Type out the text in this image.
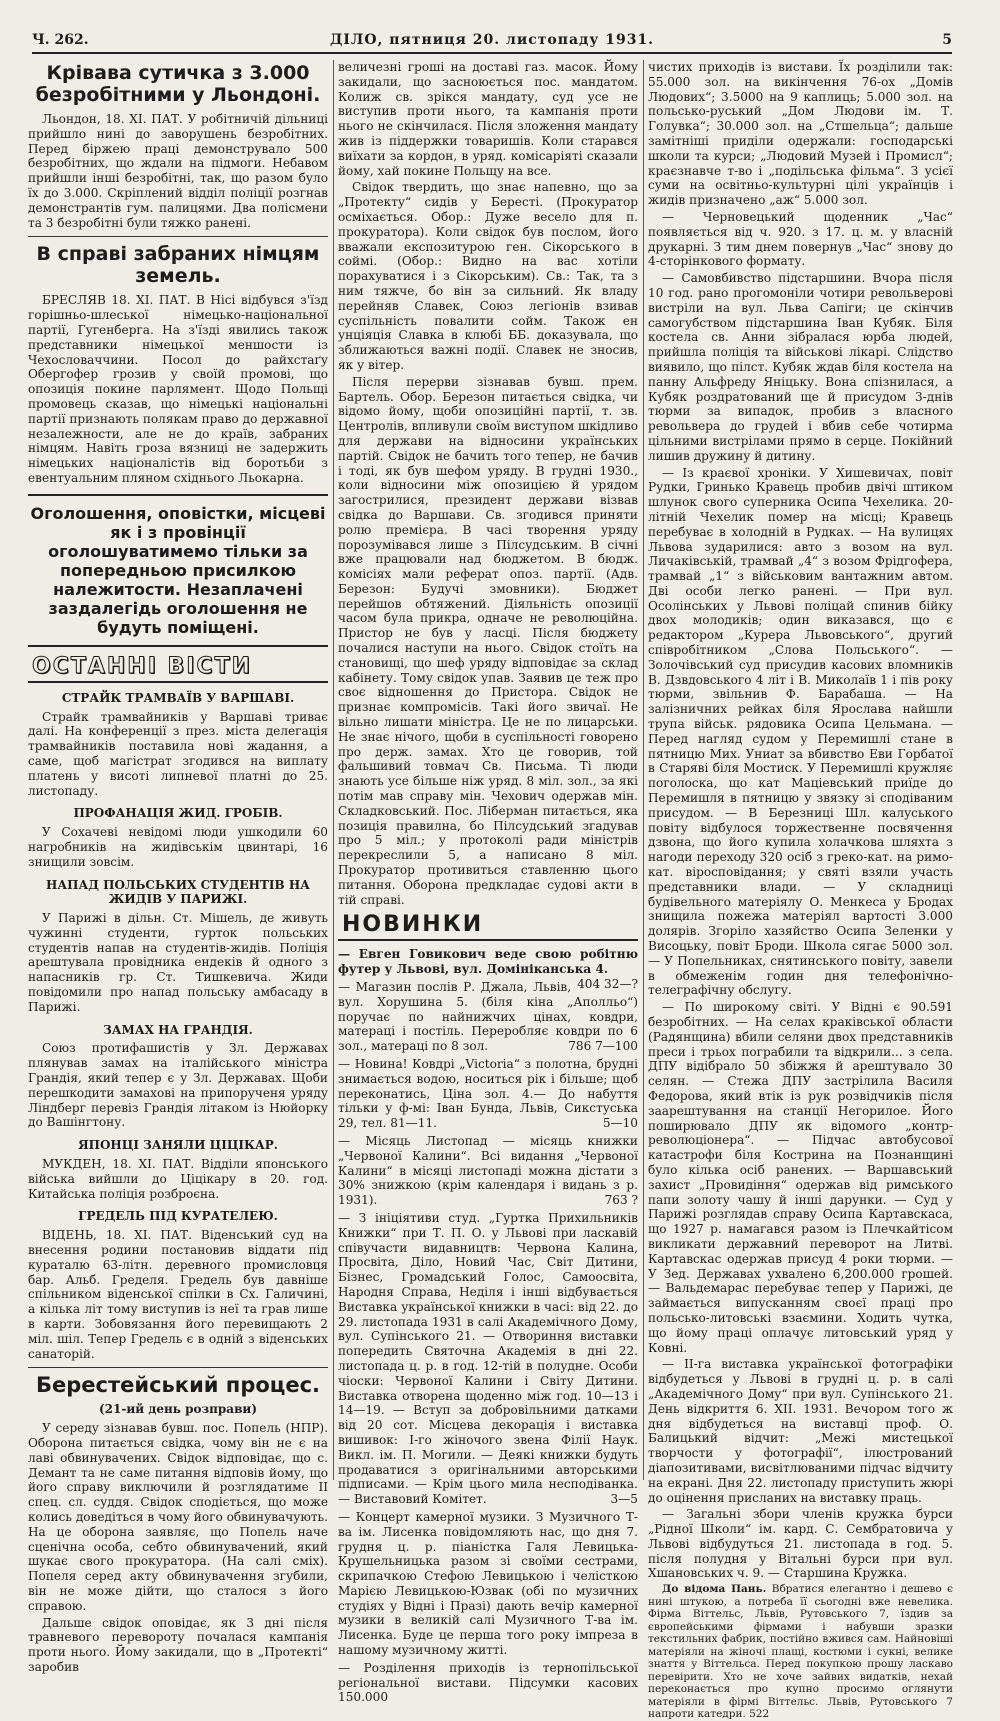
Ч. 262.	ДІЛО, пятниця 20. листопаду 1931.	5
Крівава сутичка з 3.000 безробітними у Льондоні.

Льондон, 18. XI. ПАТ. У робітничій дільниці прийшло нині до заворушень безробітних. Перед біржею праці демонструвало 500 безробітних, що ждали на підмоги. Небавом прийшли інші безробітні, так, що разом було їх до 3.000. Скріплений відділ поліції розгнав демонстрантів гум. палицями. Два полісмени та 3 безробітні були тяжко ранені.

В справі забраних німцям земель.

БРЕСЛЯВ 18. XI. ПАТ. В Нісі відбувся з'їзд горішньо-шлеської німецько-національної партії, Гугенберга. На з'їзді явились також представники німецької меншости із Чехословаччини. Посол до райхстаґу Обергофер грозив у своїй промові, що опозиція покине парлямент. Щодо Польщі промовець сказав, що німецькі національні партії признають полякам право до державної незалежности, але не до країв, забраних німцям. Навіть гроза вязниці не задержить німецьких націоналістів від боротьби з евентуальним пляном східнього Льокарна.

Оголошення, оповістки, місцеві як і з провінції оголошуватимемо тільки за попередньою присилкою належитости. Незаплачені заздалегідь оголошення не будуть поміщені.
ОСТАННІ ВІСТИ
СТРАЙК ТРАМВАЇВ У ВАРШАВІ.

Страйк трамвайників у Варшаві триває далі. На конференції з през. міста делегація трамвайників поставила нові жадання, а саме, щоб магістрат згодився на виплату платень у висоті липневої платні до 25. листопаду.

ПРОФАНАЦІЯ ЖИД. ГРОБІВ.

У Сохачеві невідомі люди ушкодили 60 нагробників на жидівськім цвинтарі, 16 знищили зовсім.

НАПАД ПОЛЬСЬКИХ СТУДЕНТІВ НА ЖИДІВ У ПАРИЖІ.

У Парижі в дільн. Ст. Мішель, де живуть чужинні студенти, гурток польських студентів напав на студентів-жидів. Поліція арештувала провідника ендеків й одного з напасників гр. Ст. Тишкевича. Жиди повідомили про напад польську амбасаду в Парижі.

ЗАМАХ НА ГРАНДІЯ.

Союз протифашистів у Зл. Державах плянував замах на італійського міністра Грандія, який тепер є у Зл. Державах. Щоби перешкодити замахові на припорученя уряду Ліндберг перевіз Грандія літаком із Нюйорку до Вашінгтону.

ЯПОНЦІ ЗАНЯЛИ ЦІЦІКАР.

МУКДЕН, 18. XI. ПАТ. Відділи японського війська вийшли до Ціцікару в 20. год. Китайська поліція розброєна.

ГРЕДЕЛЬ ПІД КУРАТЕЛЕЮ.

ВІДЕНЬ, 18. XI. ПАТ. Віденський суд на внесення родини постановив віддати під кураталю 63-літн. деревного промисловця бар. Альб. Гределя. Гредель був давніше спільником віденської спілки в Сх. Галичині, а кілька літ тому виступив із неї та грав лише в карти. Зобовязання його перевищають 2 міл. шіл. Тепер Гредель є в одній з віденських санаторій.

Берестейський процес.
(21-ий день розправи)

У середу зізнавав бувш. пос. Попель (НПР). Оборона питається свідка, чому він не є на лаві обвинувачених. Свідок відповідає, що с. Демант та не саме питання відповів йому, що його справу виключили й розглядатиме II спец. сл. суддя. Свідок сподіється, що може колись доведіться в чому його обвинувачують. На це оборона заявляє, що Попель наче сценічна особа, себто обвинувачений, який шукає свого прокуратора. (На салі сміх). Попеля серед акту обвинувачення згубили, він не може дійти, що сталося з його справою.

Дальше свідок оповідає, як 3 дні після травневого перевороту почалася кампанія проти нього. Йому закидали, що в „Протекті“ заробив

величезні гроші на доставі газ. масок. Йому закидали, що засноюється пос. мандатом. Колиж св. зрікся мандату, суд усе не виступив проти нього, та кампанія проти нього не скінчилася. Після зложення мандату жив із піддержки товаришів. Коли старався виїхати за кордон, в уряд. комісаріяті сказали йому, хай покине Польщу на все.

Свідок твердить, що знає напевно, що за „Протекту“ сидів у Бересті. (Прокуратор осміхається. Обор.: Дуже весело для п. прокуратора). Коли свідок був послом, його вважали експозитурою ген. Сікорського в соймі. (Обор.: Видно на вас хотіли порахуватися і з Сікорським). Св.: Так, та з ним тяжче, бо він за сильний. Як владу перейняв Славек, Союз легіонів взивав суспільність повалити сойм. Також ен унціяція Славка в клюбі ББ. доказувала, що зближаються важні події. Славек не зносив, як у вітер.

Після перерви зізнавав бувш. прем. Бартель. Обор. Березон питається свідка, чи відомо йому, щоби опозиційні партії, т. зв. Центролів, впливули своїм виступом шкідливо для держави на відносини українських партій. Свідок не бачить того тепер, не бачив і тоді, як був шефом уряду. В грудні 1930., коли відносини між опозицією й урядом загострилися, президент держави візвав свідка до Варшави. Св. згодився приняти ролю премієра. В часі творення уряду порозумівався лише з Пілсудським. В січні вже працювали над бюджетом. В бюдж. комісіях мали реферат опоз. партії. (Адв. Березон: Будучі змовники). Бюджет перейшов обтяжений. Діяльність опозиції часом була прикра, одначе не революційна. Пристор не був у ласці. Після бюджету почалися наступи на нього. Свідок стоїть на становищі, що шеф уряду відповідає за склад кабінету. Тому свідок упав. Заявив це теж про своє відношення до Пристора. Свідок не признає компромісів. Такі його звичаї. Не вільно лишати міністра. Це не по лицарськи. Не знає нічого, щоби в суспільності говорено про держ. замах. Хто це говорив, той фальшивий товмач Св. Письма. Ті люди знають усе більше ніж уряд. 8 міл. зол., за які потім мав справу мін. Чехович одержав мін. Складковський. Пос. Ліберман питається, яка позиція правилна, бо Пілсудський згадував про 5 міл.; у протоколі ради міністрів перекреслили 5, а написано 8 міл. Прокуратор противиться ставленню цього питання. Оборона предкладає судові акти в тій справі.

НОВИНКИ

— Евген Говикович веде свою робітню футер у Львові, вул. Домініканська 4.
404 32—?

— Магазин послів Р. Джала, Львів, вул. Хорушина 5. (біля кіна „Аполльо“) поручає по найнижчих цінах, ковдри, матераці і постіль. Переробляє ковдри по 6 зол., матераці по 8 зол.	786 7—100

— Новина! Ковдрі „Victoria“ з полотна, брудні знимається водою, носиться рік і більше; щоб переконатись, Ціна зол. 4.— До набуття тільки у ф-мі: Іван Бунда, Львів, Сикстуська 29, тел. 81—11.	5—10

— Місяць Листопад — місяць книжки „Червоної Калини“. Всі видання „Червоної Калини“ в місяці листопаді можна дістати з 30% знижкою (крім календаря і видань з р. 1931).	763 ?

— З ініціятиви студ. „Гуртка Прихильників Книжки“ при Т. П. О. у Львові при ласкавій співучасти видавництв: Червона Калина, Просвіта, Діло, Новий Час, Світ Дитини, Бізнес, Громадський Голос, Самоосвіта, Народня Справа, Неділя і інші відбувається Виставка української книжки в часі: від 22. до 29. листопада 1931 в салі Академічного Дому, вул. Супінського 21. — Отвориння виставки попередить Святочна Академія в дні 22. листопада ц. р. в год. 12-тій в полудне. Особи чіоски: Червоної Калини і Світу Дитини. Виставка отворена щоденно між год. 10—13 і 14—19. — Вступ за добровільними датками від 20 сот. Місцева декорація і виставка вишивок: I-го жіночого звена Філії Наук. Викл. ім. П. Могили. — Деякі книжки будуть продаватися з оригінальними авторськими підписами. — Крім цього мила несподіванка. — Виставовий Комітет.	3—5

— Концерт камерної музики. З Музичного Т-ва ім. Лисенка повідомляють нас, що дня 7. грудня ц. р. піаністка Галя Левицька-Крушельницька разом зі своїми сестрами, скрипачкою Стефою Левицькою і челісткою Марією Левицькою-Юзвак (обі по музичних студіях у Відні і Празі) дають вечір камерної музики в великій салі Музичного Т-ва ім. Лисенка. Буде це перша того року імпреза в нашому музичному житті.

— Розділення приходів із тернопільської регіональної вистави. Підсумки касових 150.000

чистих приходів із вистави. Їх розділили так: 55.000 зол. на викінчення 76-ох „Домів Людових“; 3.5000 на 9 каплиць; 5.000 зол. на польсько-руський „Дом Людови ім. Т. Голувка“; 30.000 зол. на „Стшельца“; дальше замітніші приділи одержали: господарські школи та курси; „Людовий Музей і Промисл“; краєзнавче т-во і „подільська фільма“. З усієї суми на освітньо-культурні цілі українців і жидів призначено „аж“ 5.000 зол.

— Черновецький щоденник „Час“ появляється від ч. 920. з 17. ц. м. у власній друкарні. З тим днем повернув „Час“ знову до 4-сторінкового формату.

— Самовбивство підстаршини. Вчора після 10 год. рано прогомоніли чотири револьверові вистріли на вул. Льва Сапіги; це скінчив самогубством підстаршина Іван Кубяк. Біля костела св. Анни зібралася юрба людей, прийшла поліція та військові лікарі. Слідство виявило, що пілст. Кубяк ждав біля костела на панну Альфреду Яніцьку. Вона спізнилася, а Кубяк роздратований ще й присудом 3-днів тюрми за випадок, пробив з власного револьвера до грудей і вбив себе чотирма цільними вистрілами прямо в серце. Покійний лишив дружину й дитину.

— Із краєвої хроніки. У Хишевичах, повіт Рудки, Гринько Кравець пробив двічі штиком шлунок свого суперника Осипа Чехелика. 20-літній Чехелик помер на місці; Кравець перебуває в холодній в Рудках. — На вулицях Львова зударилися: авто з возом на вул. Личаківській, трамвай „4“ з возом Фрідгофера, трамвай „1“ з військовим вантажним автом. Дві особи легко ранені. — При вул. Осолінських у Львові поліцай спинив бійку двох молодиків; один виказався, що є редактором „Курера Львовського“, другий співробітником „Слова Польського“. — Золочівський суд присудив касових вломників В. Дзвдовського 4 літ і В. Миколаїв 1 і пів року тюрми, звільнив Ф. Барабаша. — На залізничних рейках біля Ярослава найшли трупа військ. рядовика Осипа Цельмана. — Перед нагляд судом у Перемишлі стане в пятницю Мих. Униат за вбивство Еви Горбатої в Старяві біля Мостиск. У Перемишлі кружляє поголоска, що кат Маціевський приїде до Перемишля в пятницю у звязку зі сподіваним присудом. — В Березниці Шл. калуського повіту відбулося торжественне посвячення дзвона, що його купила холачкова шляхта з нагоди переходу 320 осіб з греко-кат. на римо-кат. віросповідання; у святі взяли участь представники влади. — У складниці будівельного матеріялу О. Менкеса у Бродах знищила пожежа матеріял вартості 3.000 долярів. Згоріло хазяйство Осипа Зеленки у Висоцьку, повіт Броди. Школа сягає 5000 зол. — У Попельниках, снятинського повіту, завели в обмеженім годин дня телефонічно-телеграфічну обслугу.

— По широкому світі. У Відні є 90.591 безробітних. — На селах краківської области (Радянщина) вбили селяни двох представників преси і трьох пограбили та відкрили... з села. ДПУ відібрало 50 збіжжя й арештувало 30 селян. — Стежа ДПУ застрілила Василя Федорова, який втік із рук розвідчиків після заарештування на станції Негорилое. Його поширювало ДПУ як відомого „контр-революціонера“. — Підчас автобусової катастрофи біля Кострина на Познанщині було кілька осіб ранених. — Варшавський захист „Провидіння“ одержав від римського папи золоту чашу й інші дарунки. — Суд у Парижі розглядав справу Осипа Картавскаса, що 1927 р. намагався разом із Плечкайтісом викликати державний переворот на Литві. Картавскас одержав присуд 4 роки тюрми. — У Зед. Державах ухвалено 6,200.000 грошей. — Вальдемарас перебуває тепер у Парижі, де займається випусканням своєї праці про польсько-литовські взаємини. Ходить чутка, що йому праці оплачує литовський уряд у Ковні.

— II-га виставка української фотографіки відбудеться у Львові в грудні ц. р. в салі „Академічного Дому“ при вул. Супінського 21. День відкриття 6. XII. 1931. Вечором того ж дня відбудеться на виставці проф. О. Балицький відчит: „Межі мистецької творчости у фотографії“, ілюстрований діапозитивами, висвітлюваними підчас відчиту на екрані. Дня 22. листопаду приступить жюрі до оцінення присланих на виставку праць.

— Загальні збори членів кружка бурси „Рідної Школи“ ім. кард. С. Сембратовича у Львові відбудуться 21. листопада в год. 5. після полудня у Вітальні бурси при вул. Хшановських ч. 9. — Старшина Кружка.

До відома Пань. Вбратися елегантно і дешево є нині штукою, а потреба її сьогодні вже невелика. Фірма Віттельс, Львів, Рутовського 7, їздив за європейськими фірмами і набувши зразки текстильних фабрик, постійно вжився сам. Найновіші матеріяли на жіночі плащі, костюми і сукні, велике знаття у Віттельса. Перед покупкою прошу ласкаво перевірити. Хто не хоче зайвих видатків, нехай переконається про купно просимо оглянути матеріяли в фірмі Віттельс. Львів, Рутовського 7 напроти катедри. 522
